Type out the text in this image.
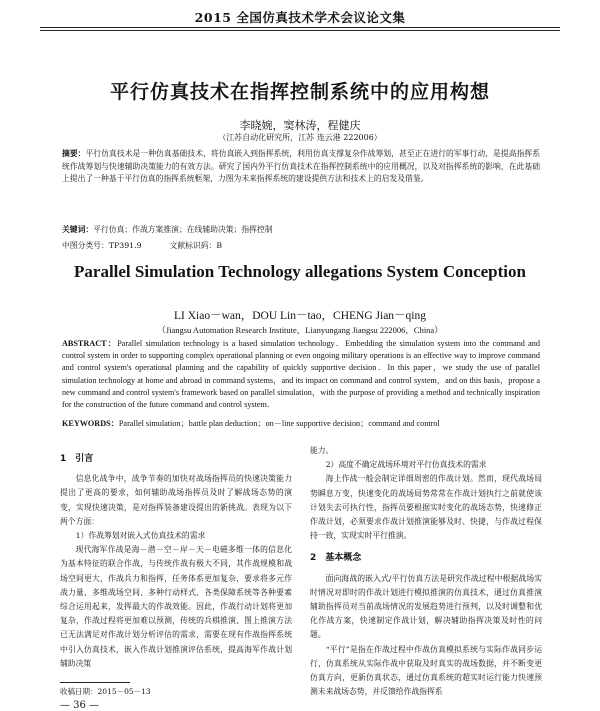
2015 全国仿真技术学术会议论文集
平行仿真技术在指挥控制系统中的应用构想
李晓婉，窦林涛，程健庆
（江苏自动化研究所，江苏 连云港 222006）
摘要：平行仿真技术是一种仿真基础技术，将仿真嵌入到指挥系统，利用仿真支撑复杂作战筹划，甚至正在进行的军事行动，是提高指挥系统作战筹划与快速辅助决策能力的有效方法。研究了国内外平行仿真技术在指挥控制系统中的应用概况，以及对指挥系统的影响，在此基础上提出了一种基于平行仿真的指挥系统框架，力图为未来指挥系统的建设提供方法和技术上的启发及借鉴。
关键词：平行仿真；作战方案推演；在线辅助决策；指挥控制
中图分类号：TP391.9	文献标识码：B
Parallel Simulation Technology allegations System Conception
LI Xiao－wan，DOU Lin－tao，CHENG Jian－qing
（Jiangsu Automation Research Institute，Lianyungang Jiangsu 222006，China）
ABSTRACT：Parallel simulation technology is a based simulation technology．Embedding the simulation system into the command and control system in order to supporting complex operational planning or even ongoing military operations is an effective way to improve command and control system's operational planning and the capability of quickly supportive decision．In this paper，we study the use of parallel simulation technology at home and abroad in command systems，and its impact on command and control system，and on this basis，propose a new command and control system's framework based on parallel simulation，with the purpose of providing a method and technically inspiration for the construction of the future command and control system．
KEYWORDS：Parallel simulation；battle plan deduction；on－line supportive decision；command and control
1　引言
信息化战争中，战争节奏的加快对战场指挥员的快速决策能力提出了更高的要求，如何辅助战场指挥员及时了解战场态势的演变，实现快速决策，是对指挥装备建设提出的新挑战。表现为以下两个方面：
1）作战筹划对嵌入式仿真技术的需求
现代海军作战是海－潜－空－岸－天－电磁多维一体的信息化为基本特征的联合作战，与传统作战有极大不同，其作战规模和战场空间更大，作战兵力和指挥，任务体系更加复杂，要求将多元作战力量、多维战场空间、多种行动样式、各类保障系统等各种要素综合运用起来，发挥最大的作战效能。因此，作战行动计划将更加复杂，作战过程将更加难以预测，传统的兵棋推演、图上推演方法已无法满足对作战计划分析评估的需求，需要在现有作战指挥系统中引入仿真技术，嵌入作战计划推演评估系统，提高海军作战计划辅助决策
能力。
2）高度不确定战场环境对平行仿真技术的需求
海上作战一般会制定详细周密的作战计划。然而，现代战场局势瞬息万变，快速变化的战场局势常常在作战计划执行之前就使该计划失去可执行性，指挥员要根据实时变化的战场态势，快速修正作战计划，必须要求作战计划推演能够及时、快捷，与作战过程保持一致，实现实时平行推演。
2　基本概念
面向海战的嵌入式/平行仿真方法是研究作战过程中根据战场实时情况对即时的作战计划进行模拟推演的仿真技术，通过仿真推演辅助指挥员对当前战场情况的发展趋势进行预判，以及时调整和优化作战方案，快速制定作战计划，解决辅助指挥决策及时性的问题。
“平行”是指在作战过程中作战仿真模拟系统与实际作战同步运行，仿真系统从实际作战中获取及时真实的战场数据，并不断变更仿真方向，更新仿真状态，通过仿真系统的超实时运行能力快速预测未来战场态势，并反馈给作战指挥系
收稿日期：2015－05－13
— 36 —
